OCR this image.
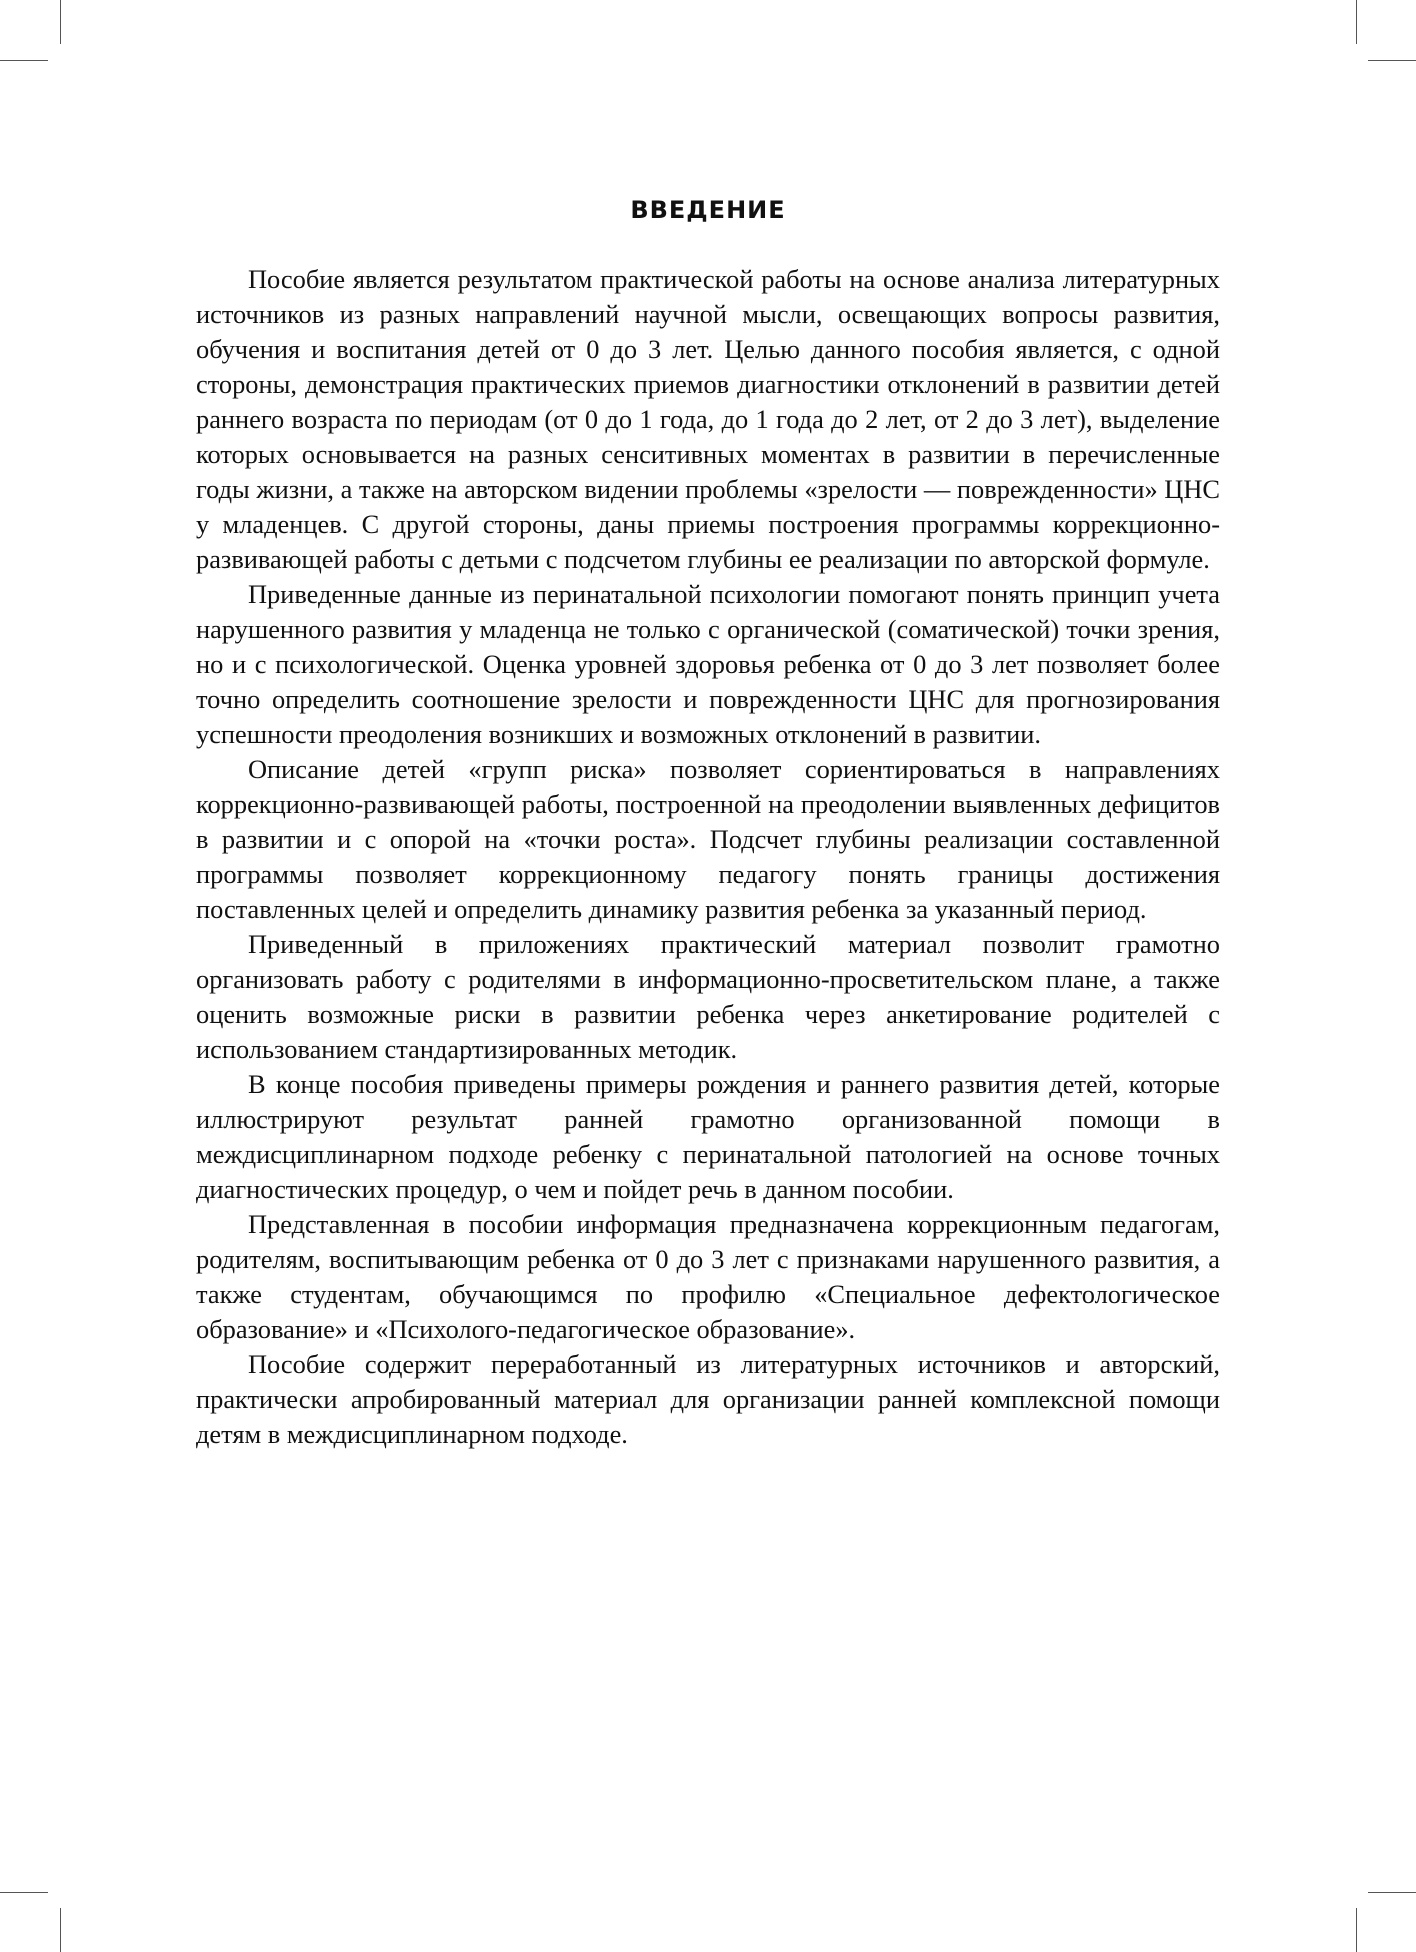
ВВЕДЕНИЕ

Пособие является результатом практической работы на основе анализа литературных источников из разных направлений научной мысли, освещающих вопросы развития, обучения и воспитания детей от 0 до 3 лет. Целью данного пособия является, с одной стороны, демонстрация практических приемов диагностики отклонений в развитии детей раннего возраста по периодам (от 0 до 1 года, до 1 года до 2 лет, от 2 до 3 лет), выделение которых основывается на разных сенситивных моментах в развитии в перечисленные годы жизни, а также на авторском видении проблемы «зрелости — поврежденности» ЦНС у младенцев. С другой стороны, даны приемы построения программы коррекционно-развивающей работы с детьми с подсчетом глубины ее реализации по авторской формуле.

Приведенные данные из перинатальной психологии помогают понять принцип учета нарушенного развития у младенца не только с органической (соматической) точки зрения, но и с психологической. Оценка уровней здоровья ребенка от 0 до 3 лет позволяет более точно определить соотношение зрелости и поврежденности ЦНС для прогнозирования успешности преодоления возникших и возможных отклонений в развитии.

Описание детей «групп риска» позволяет сориентироваться в направлениях коррекционно-развивающей работы, построенной на преодолении выявленных дефицитов в развитии и с опорой на «точки роста». Подсчет глубины реализации составленной программы позволяет коррекционному педагогу понять границы достижения поставленных целей и определить динамику развития ребенка за указанный период.

Приведенный в приложениях практический материал позволит грамотно организовать работу с родителями в информационно-просветительском плане, а также оценить возможные риски в развитии ребенка через анкетирование родителей с использованием стандартизированных методик.

В конце пособия приведены примеры рождения и раннего развития детей, которые иллюстрируют результат ранней грамотно организованной помощи в междисциплинарном подходе ребенку с перинатальной патологией на основе точных диагностических процедур, о чем и пойдет речь в данном пособии.

Представленная в пособии информация предназначена коррекционным педагогам, родителям, воспитывающим ребенка от 0 до 3 лет с признаками нарушенного развития, а также студентам, обучающимся по профилю «Специальное дефектологическое образование» и «Психолого-педагогическое образование».

Пособие содержит переработанный из литературных источников и авторский, практически апробированный материал для организации ранней комплексной помощи детям в междисциплинарном подходе.
